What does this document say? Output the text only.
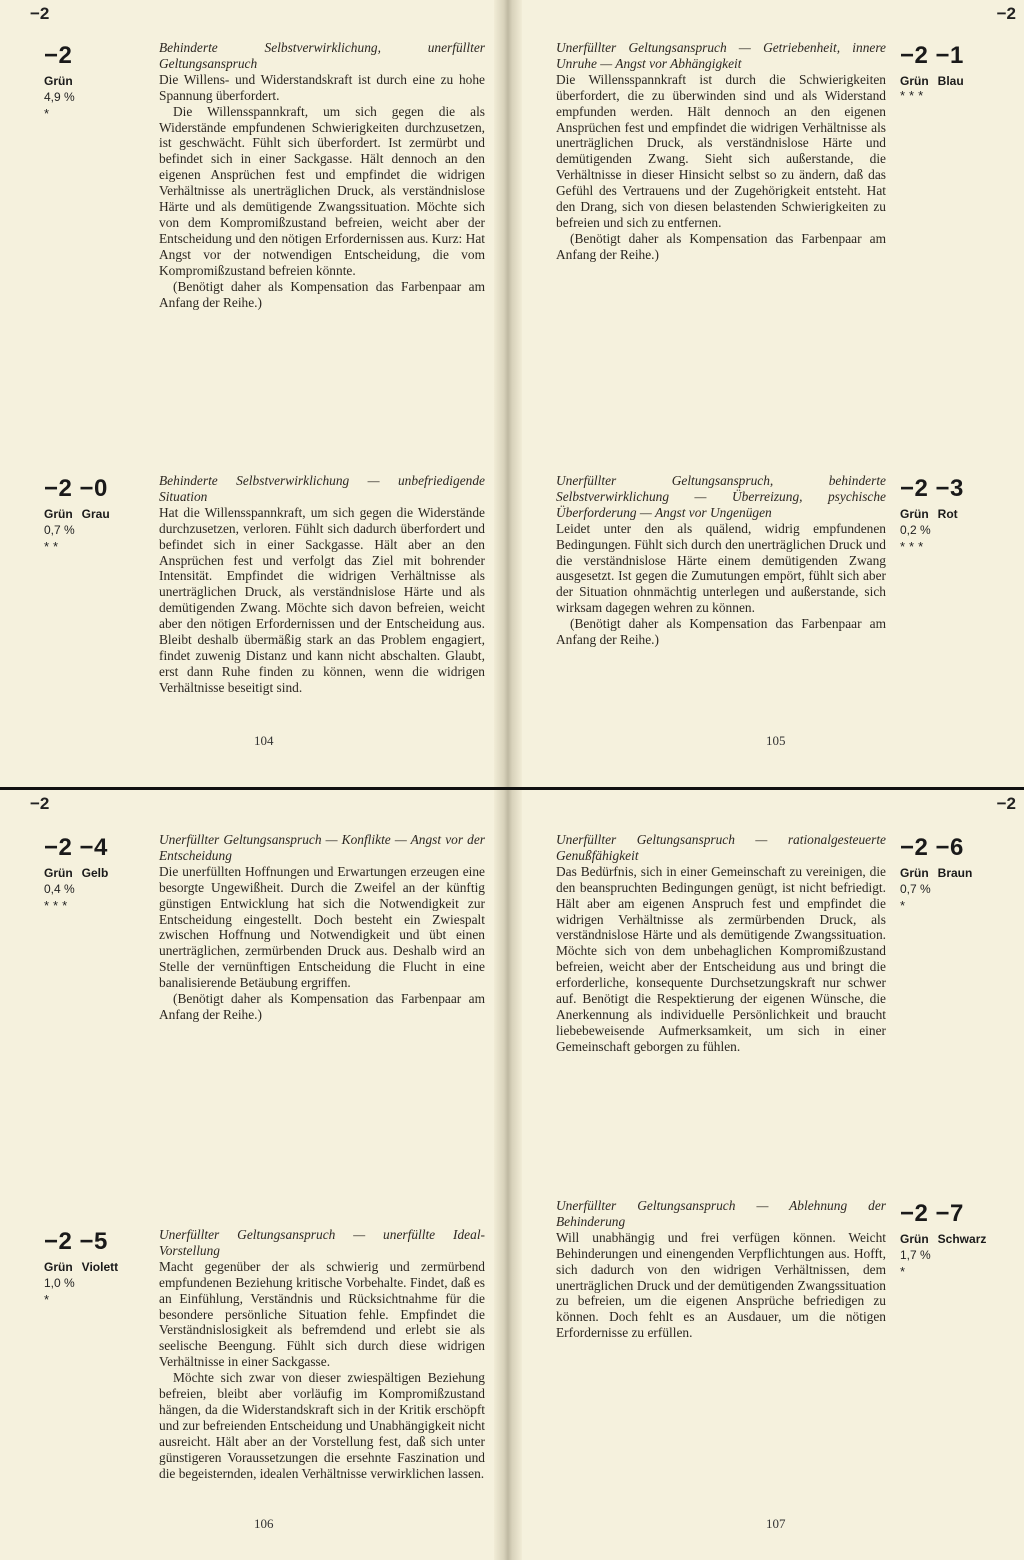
−2
−2
Grün
4,9 %
*
Behinderte Selbstverwirklichung, unerfüllter Geltungsanspruch

Die Willens- und Widerstandskraft ist durch eine zu hohe Spannung überfordert.

Die Willensspannkraft, um sich gegen die als Widerstände empfundenen Schwierigkeiten durchzusetzen, ist geschwächt. Fühlt sich überfordert. Ist zermürbt und befindet sich in einer Sackgasse. Hält dennoch an den eigenen Ansprüchen fest und empfindet die widrigen Verhältnisse als unerträglichen Druck, als verständnislose Härte und als demütigende Zwangssituation. Möchte sich von dem Kompromißzustand befreien, weicht aber der Entscheidung und den nötigen Erfordernissen aus. Kurz: Hat Angst vor der notwendigen Entscheidung, die vom Kompromißzustand befreien könnte.

(Benötigt daher als Kompensation das Farbenpaar am Anfang der Reihe.)

−2 −0
Grün Grau
0,7 %
**
Behinderte Selbstverwirklichung — unbefriedigende Situation

Hat die Willensspannkraft, um sich gegen die Widerstände durchzusetzen, verloren. Fühlt sich dadurch überfordert und befindet sich in einer Sackgasse. Hält aber an den Ansprüchen fest und verfolgt das Ziel mit bohrender Intensität. Empfindet die widrigen Verhältnisse als unerträglichen Druck, als verständnislose Härte und als demütigenden Zwang. Möchte sich davon befreien, weicht aber den nötigen Erfordernissen und der Entscheidung aus. Bleibt deshalb übermäßig stark an das Problem engagiert, findet zuwenig Distanz und kann nicht abschalten. Glaubt, erst dann Ruhe finden zu können, wenn die widrigen Verhältnisse beseitigt sind.

104
−2
−2 −1
Grün Blau
***
Unerfüllter Geltungsanspruch — Getriebenheit, innere Unruhe — Angst vor Abhängigkeit

Die Willensspannkraft ist durch die Schwierigkeiten überfordert, die zu überwinden sind und als Widerstand empfunden werden. Hält dennoch an den eigenen Ansprüchen fest und empfindet die widrigen Verhältnisse als unerträglichen Druck, als verständnislose Härte und demütigenden Zwang. Sieht sich außerstande, die Verhältnisse in dieser Hinsicht selbst so zu ändern, daß das Gefühl des Vertrauens und der Zugehörigkeit entsteht. Hat den Drang, sich von diesen belastenden Schwierigkeiten zu befreien und sich zu entfernen.

(Benötigt daher als Kompensation das Farbenpaar am Anfang der Reihe.)

−2 −3
Grün Rot
0,2 %
***
Unerfüllter Geltungsanspruch, behinderte Selbstverwirklichung — Überreizung, psychische Überforderung — Angst vor Ungenügen

Leidet unter den als quälend, widrig empfundenen Bedingungen. Fühlt sich durch den unerträglichen Druck und die verständnislose Härte einem demütigenden Zwang ausgesetzt. Ist gegen die Zumutungen empört, fühlt sich aber der Situation ohnmächtig unterlegen und außerstande, sich wirksam dagegen wehren zu können.

(Benötigt daher als Kompensation das Farbenpaar am Anfang der Reihe.)

105
−2
−2 −4
Grün Gelb
0,4 %
***
Unerfüllter Geltungsanspruch — Konflikte — Angst vor der Entscheidung

Die unerfüllten Hoffnungen und Erwartungen erzeugen eine besorgte Ungewißheit. Durch die Zweifel an der künftig günstigen Entwicklung hat sich die Notwendigkeit zur Entscheidung eingestellt. Doch besteht ein Zwiespalt zwischen Hoffnung und Notwendigkeit und übt einen unerträglichen, zermürbenden Druck aus. Deshalb wird an Stelle der vernünftigen Entscheidung die Flucht in eine banalisierende Betäubung ergriffen.

(Benötigt daher als Kompensation das Farbenpaar am Anfang der Reihe.)

−2 −5
Grün Violett
1,0 %
*
Unerfüllter Geltungsanspruch — unerfüllte Ideal-Vorstellung

Macht gegenüber der als schwierig und zermürbend empfundenen Beziehung kritische Vorbehalte. Findet, daß es an Einfühlung, Verständnis und Rücksichtnahme für die besondere persönliche Situation fehle. Empfindet die Verständnislosigkeit als befremdend und erlebt sie als seelische Beengung. Fühlt sich durch diese widrigen Verhältnisse in einer Sackgasse.

Möchte sich zwar von dieser zwiespältigen Beziehung befreien, bleibt aber vorläufig im Kompromißzustand hängen, da die Widerstandskraft sich in der Kritik erschöpft und zur befreienden Entscheidung und Unabhängigkeit nicht ausreicht. Hält aber an der Vorstellung fest, daß sich unter günstigeren Voraussetzungen die ersehnte Faszination und die begeisternden, idealen Verhältnisse verwirklichen lassen.

106
−2
−2 −6
Grün Braun
0,7 %
*
Unerfüllter Geltungsanspruch — rationalgesteuerte Genußfähigkeit

Das Bedürfnis, sich in einer Gemeinschaft zu vereinigen, die den beanspruchten Bedingungen genügt, ist nicht befriedigt. Hält aber am eigenen Anspruch fest und empfindet die widrigen Verhältnisse als zermürbenden Druck, als verständnislose Härte und als demütigende Zwangssituation. Möchte sich von dem unbehaglichen Kompromißzustand befreien, weicht aber der Entscheidung aus und bringt die erforderliche, konsequente Durchsetzungskraft nur schwer auf. Benötigt die Respektierung der eigenen Wünsche, die Anerkennung als individuelle Persönlichkeit und braucht liebebeweisende Aufmerksamkeit, um sich in einer Gemeinschaft geborgen zu fühlen.

−2 −7
Grün Schwarz
1,7 %
*
Unerfüllter Geltungsanspruch — Ablehnung der Behinderung

Will unabhängig und frei verfügen können. Weicht Behinderungen und einengenden Verpflichtungen aus. Hofft, sich dadurch von den widrigen Verhältnissen, dem unerträglichen Druck und der demütigenden Zwangssituation zu befreien, um die eigenen Ansprüche befriedigen zu können. Doch fehlt es an Ausdauer, um die nötigen Erfordernisse zu erfüllen.

107
